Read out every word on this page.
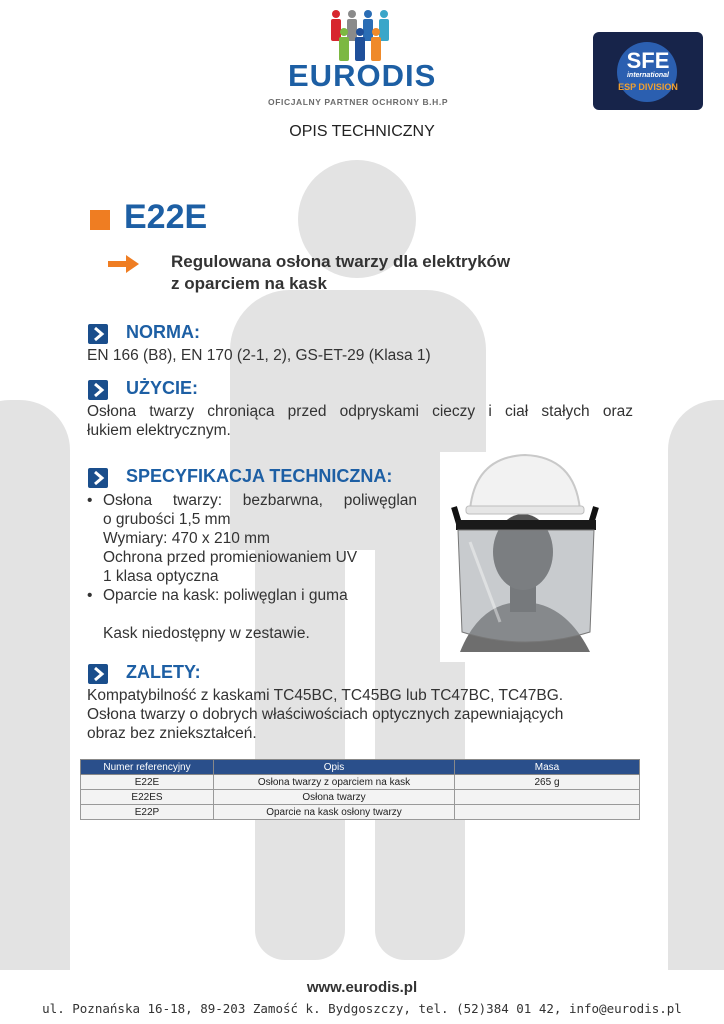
EURODIS
OFICJALNY PARTNER OCHRONY B.H.P
SFE
international
ESP DIVISION
OPIS TECHNICZNY
E22E
Regulowana osłona twarzy dla elektryków
z oparciem na kask
NORMA:
EN 166 (B8), EN 170 (2-1, 2), GS-ET-29 (Klasa 1)
UŻYCIE:
Osłona twarzy chroniąca przed odpryskami cieczy i ciał stałych oraz
łukiem elektrycznym.
SPECYFIKACJA TECHNICZNA:
• Osłona twarzy: bezbarwna, poliwęglan
o grubości 1,5 mm
Wymiary: 470 x 210 mm
Ochrona przed promieniowaniem UV
1 klasa optyczna
• Oparcie na kask: poliwęglan i guma
Kask niedostępny w zestawie.
ZALETY:
Kompatybilność z kaskami TC45BC, TC45BG lub TC47BC, TC47BG.
Osłona twarzy o dobrych właściwościach optycznych zapewniających
obraz bez zniekształceń.
Numer referencyjny	Opis	Masa
E22E	Osłona twarzy z oparciem na kask	265 g
E22ES	Osłona twarzy	
E22P	Oparcie na kask osłony twarzy	
www.eurodis.pl
ul. Poznańska 16-18, 89-203 Zamość k. Bydgoszczy, tel. (52)384 01 42, info@eurodis.pl
